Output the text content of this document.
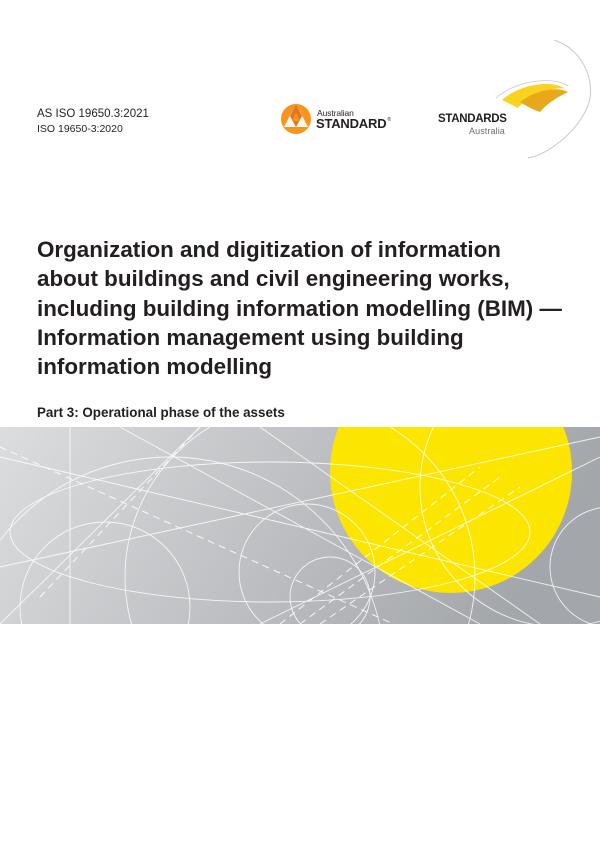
AS ISO 19650.3:2021
ISO 19650-3:2020
Australian
STANDARD®	STANDARDS
Australia
Organization and digitization of information about buildings and civil engineering works, including building information modelling (BIM) — Information management using building information modelling
Part 3: Operational phase of the assets
